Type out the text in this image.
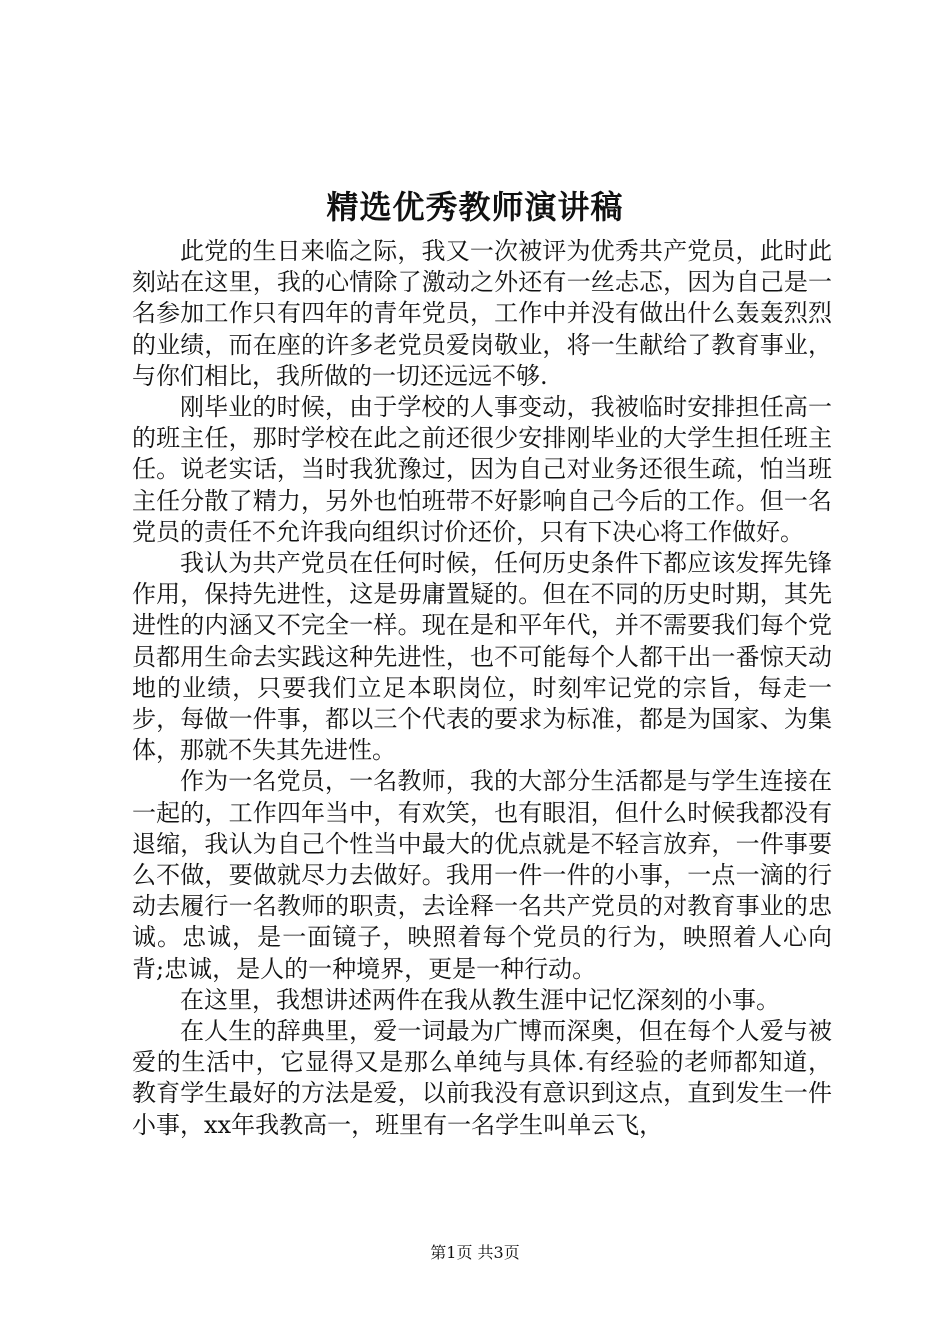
精选优秀教师演讲稿

此党的生日来临之际，我又一次被评为优秀共产党员，此时此刻站在这里，我的心情除了激动之外还有一丝忐忑，因为自己是一名参加工作只有四年的青年党员，工作中并没有做出什么轰轰烈烈的业绩，而在座的许多老党员爱岗敬业，将一生献给了教育事业，与你们相比，我所做的一切还远远不够.

刚毕业的时候，由于学校的人事变动，我被临时安排担任高一的班主任，那时学校在此之前还很少安排刚毕业的大学生担任班主任。说老实话，当时我犹豫过，因为自己对业务还很生疏，怕当班主任分散了精力，另外也怕班带不好影响自己今后的工作。但一名党员的责任不允许我向组织讨价还价，只有下决心将工作做好。

我认为共产党员在任何时候，任何历史条件下都应该发挥先锋作用，保持先进性，这是毋庸置疑的。但在不同的历史时期，其先进性的内涵又不完全一样。现在是和平年代，并不需要我们每个党员都用生命去实践这种先进性，也不可能每个人都干出一番惊天动地的业绩，只要我们立足本职岗位，时刻牢记党的宗旨，每走一步，每做一件事，都以三个代表的要求为标准，都是为国家、为集体，那就不失其先进性。

作为一名党员，一名教师，我的大部分生活都是与学生连接在一起的，工作四年当中，有欢笑，也有眼泪，但什么时候我都没有退缩，我认为自己个性当中最大的优点就是不轻言放弃，一件事要么不做，要做就尽力去做好。我用一件一件的小事，一点一滴的行动去履行一名教师的职责，去诠释一名共产党员的对教育事业的忠诚。忠诚，是一面镜子，映照着每个党员的行为，映照着人心向背;忠诚，是人的一种境界，更是一种行动。

在这里，我想讲述两件在我从教生涯中记忆深刻的小事。

在人生的辞典里，爱一词最为广博而深奥，但在每个人爱与被爱的生活中，它显得又是那么单纯与具体.有经验的老师都知道，教育学生最好的方法是爱，以前我没有意识到这点，直到发生一件小事，xx年我教高一，班里有一名学生叫单云飞，

第1页 共3页
